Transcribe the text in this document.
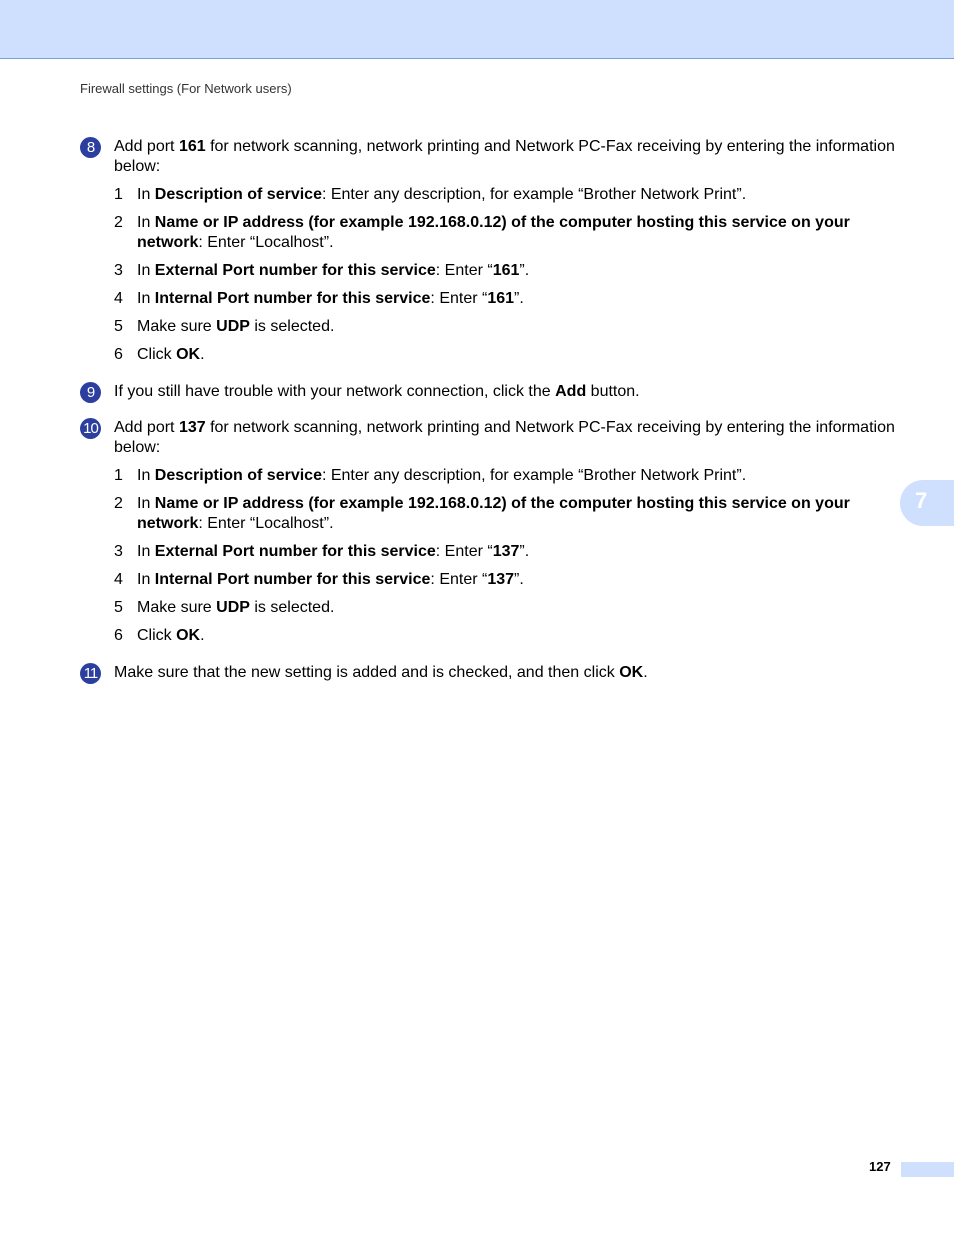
Firewall settings (For Network users)
8	Add port 161 for network scanning, network printing and Network PC-Fax receiving by entering the information below:
1 In Description of service: Enter any description, for example “Brother Network Print”.
2 In Name or IP address (for example 192.168.0.12) of the computer hosting this service on your network: Enter “Localhost”.
3 In External Port number for this service: Enter “161”.
4 In Internal Port number for this service: Enter “161”.
5 Make sure UDP is selected.
6 Click OK.
9	If you still have trouble with your network connection, click the Add button.
10 Add port 137 for network scanning, network printing and Network PC-Fax receiving by entering the information below:
1 In Description of service: Enter any description, for example “Brother Network Print”.
2 In Name or IP address (for example 192.168.0.12) of the computer hosting this service on your network: Enter “Localhost”.
3 In External Port number for this service: Enter “137”.
4 In Internal Port number for this service: Enter “137”.
5 Make sure UDP is selected.
6 Click OK.
11 Make sure that the new setting is added and is checked, and then click OK.
7
127
